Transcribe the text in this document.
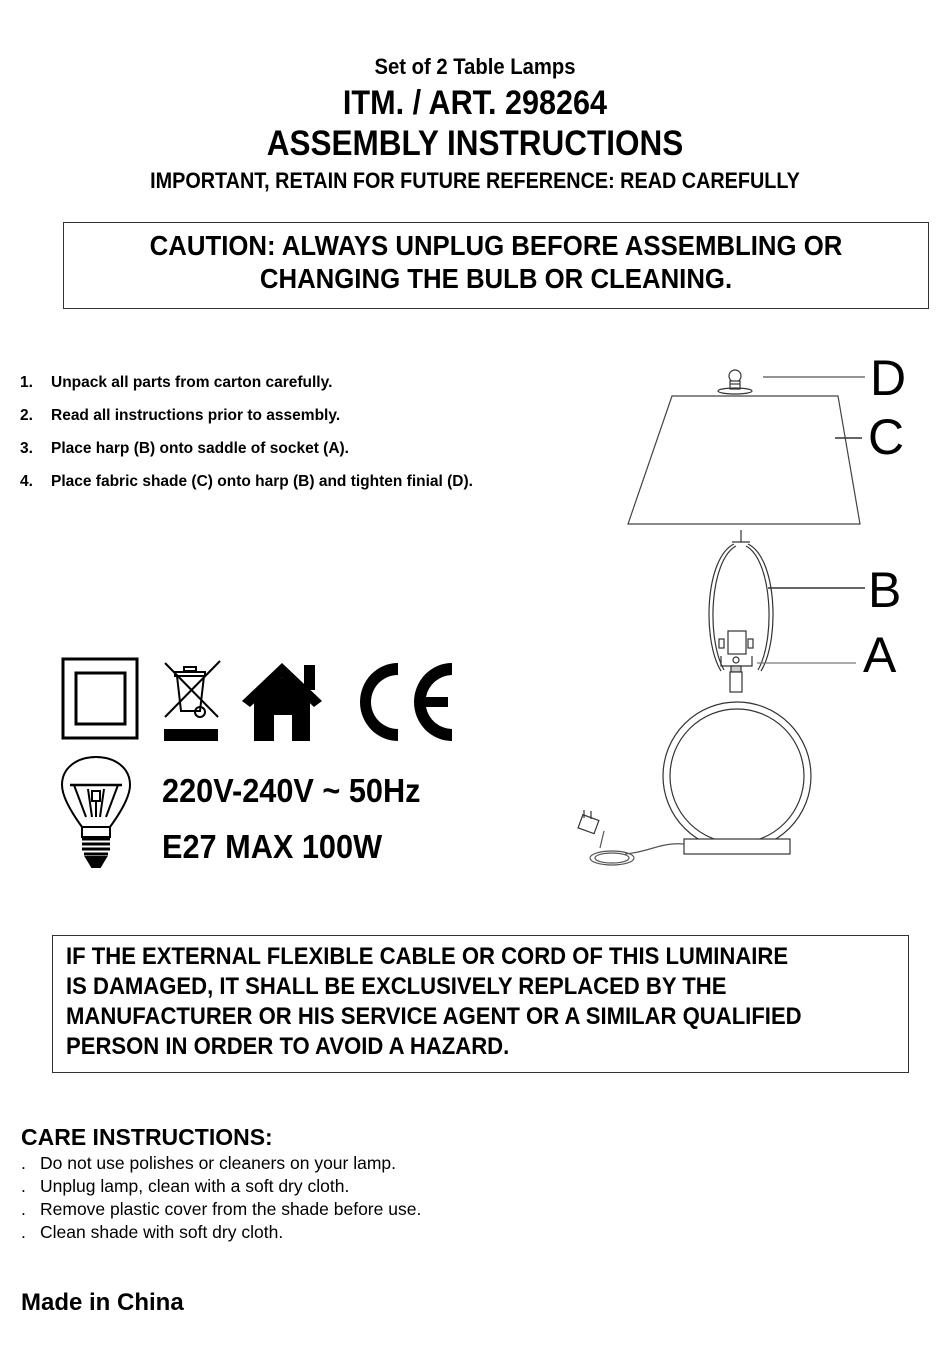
Set of 2 Table Lamps
ITM. / ART. 298264
ASSEMBLY INSTRUCTIONS
IMPORTANT, RETAIN FOR FUTURE REFERENCE: READ CAREFULLY
CAUTION: ALWAYS UNPLUG BEFORE ASSEMBLING OR
CHANGING THE BULB OR CLEANING.
1.	Unpack all parts from carton carefully.
2.	Read all instructions prior to assembly.
3.	Place harp (B) onto saddle of socket (A).
4.	Place fabric shade (C) onto harp (B) and tighten finial (D).
D
C
B
A
220V-240V ~ 50Hz
E27 MAX 100W
IF THE EXTERNAL FLEXIBLE CABLE OR CORD OF THIS LUMINAIRE
IS DAMAGED, IT SHALL BE EXCLUSIVELY REPLACED BY THE
MANUFACTURER OR HIS SERVICE AGENT OR A SIMILAR QUALIFIED
PERSON IN ORDER TO AVOID A HAZARD.
CARE INSTRUCTIONS:
. Do not use polishes or cleaners on your lamp.
. Unplug lamp, clean with a soft dry cloth.
. Remove plastic cover from the shade before use.
. Clean shade with soft dry cloth.
Made in China
